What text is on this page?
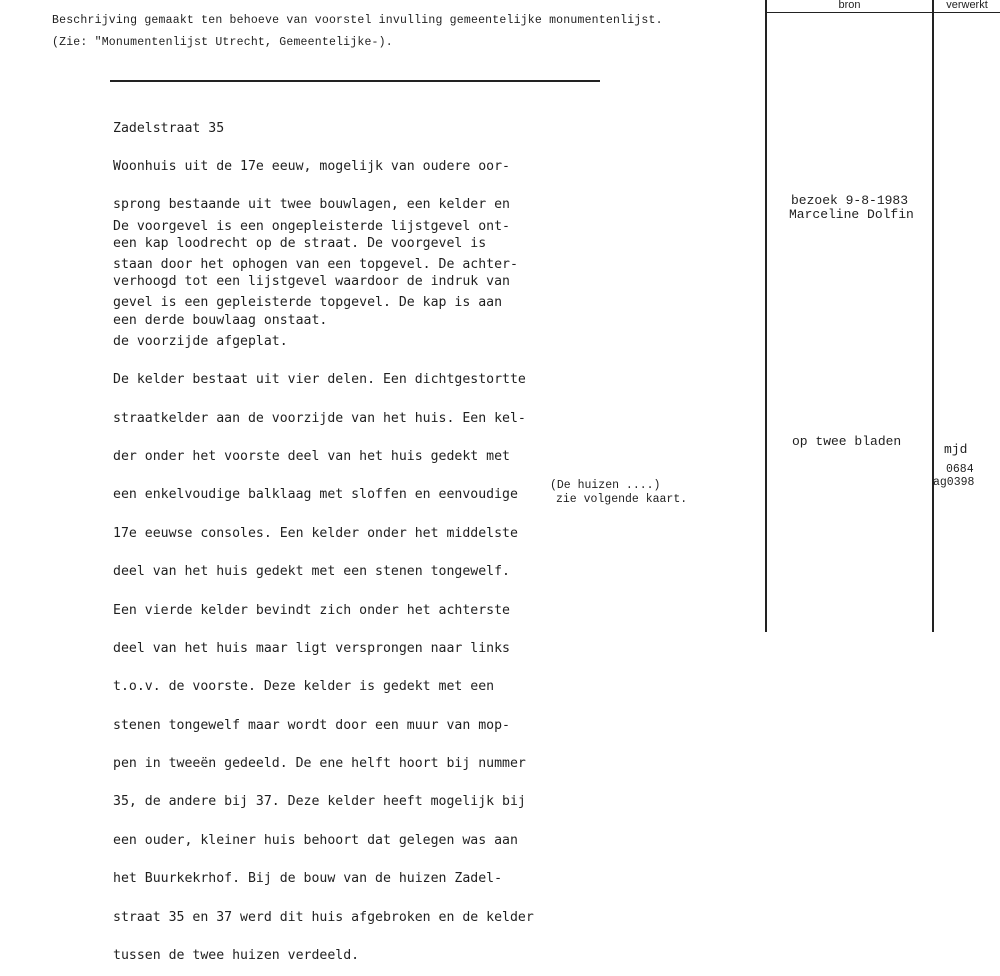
Beschrijving gemaakt ten behoeve van voorstel invulling gemeentelijke monumentenlijst.
(Zie: "Monumentenlijst Utrecht, Gemeentelijke-).

Zadelstraat 35

Woonhuis uit de 17e eeuw, mogelijk van oudere oor-

sprong bestaande uit twee bouwlagen, een kelder en

een kap loodrecht op de straat. De voorgevel is

verhoogd tot een lijstgevel waardoor de indruk van

een derde bouwlaag onstaat.

De voorgevel is een ongepleisterde lijstgevel ont-

staan door het ophogen van een topgevel. De achter-

gevel is een gepleisterde topgevel. De kap is aan

de voorzijde afgeplat.

De kelder bestaat uit vier delen. Een dichtgestortte

straatkelder aan de voorzijde van het huis. Een kel-

der onder het voorste deel van het huis gedekt met

een enkelvoudige balklaag met sloffen en eenvoudige

17e eeuwse consoles. Een kelder onder het middelste

deel van het huis gedekt met een stenen tongewelf.

Een vierde kelder bevindt zich onder het achterste

deel van het huis maar ligt versprongen naar links

t.o.v. de voorste. Deze kelder is gedekt met een

stenen tongewelf maar wordt door een muur van mop-

pen in tweeën gedeeld. De ene helft hoort bij nummer

35, de andere bij 37. Deze kelder heeft mogelijk bij

een ouder, kleiner huis behoort dat gelegen was aan

het Buurkekrhof. Bij de bouw van de huizen Zadel-

straat 35 en 37 werd dit huis afgebroken en de kelder

tussen de twee huizen verdeeld.

(De huizen ....)
zie volgende kaart.
bron	verwerkt
bezoek 9-8-1983
Marceline Dolfin
op twee bladen
mjd
0684
ag0398
